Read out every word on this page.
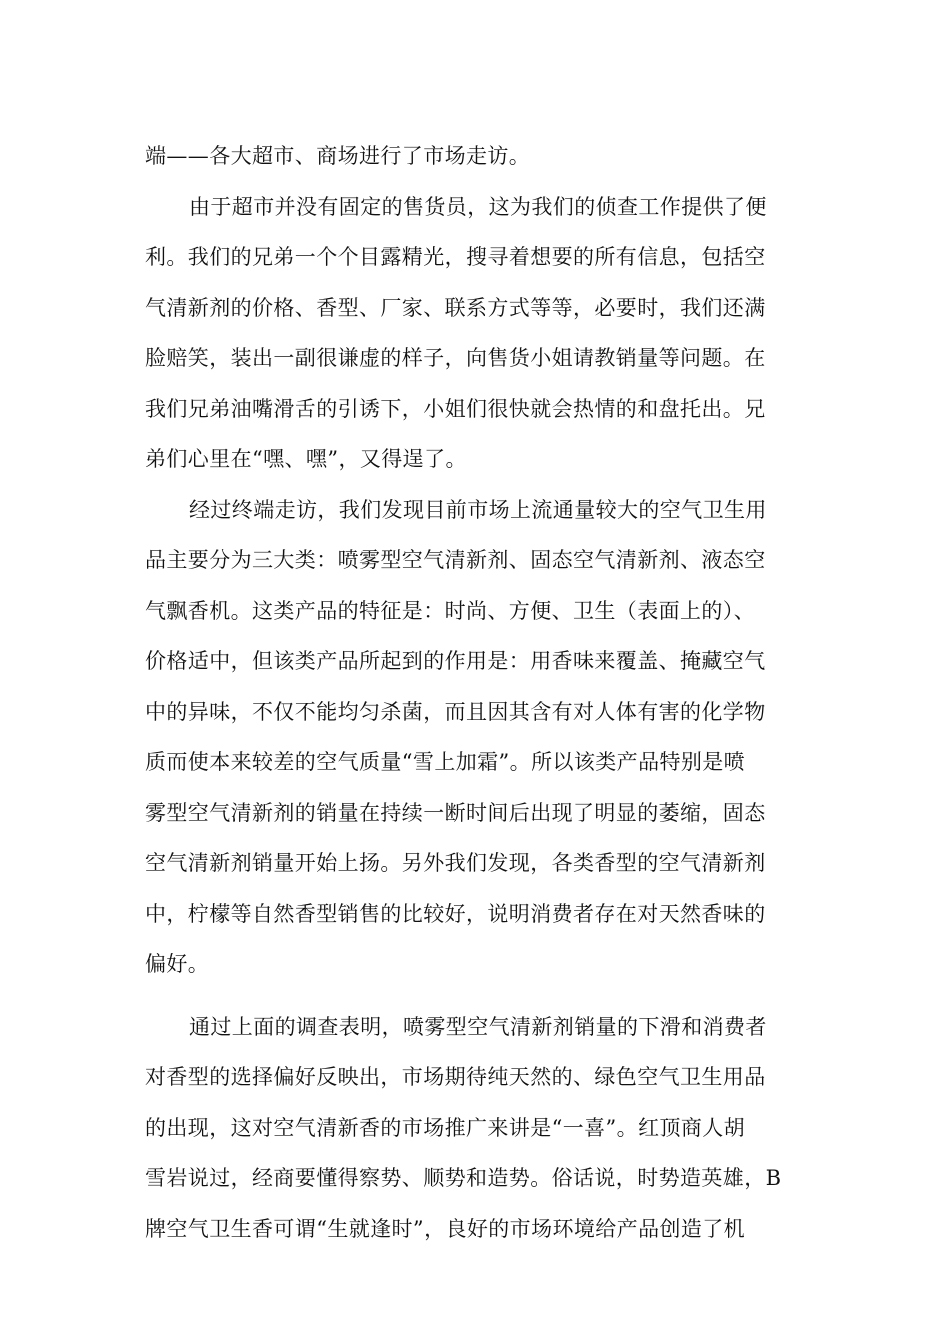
端——各大超市、商场进行了市场走访。
由于超市并没有固定的售货员，这为我们的侦查工作提供了便
利。我们的兄弟一个个目露精光，搜寻着想要的所有信息，包括空
气清新剂的价格、香型、厂家、联系方式等等，必要时，我们还满
脸赔笑，装出一副很谦虚的样子，向售货小姐请教销量等问题。在
我们兄弟油嘴滑舌的引诱下，小姐们很快就会热情的和盘托出。兄
弟们心里在“嘿、嘿”，又得逞了。
经过终端走访，我们发现目前市场上流通量较大的空气卫生用
品主要分为三大类：喷雾型空气清新剂、固态空气清新剂、液态空
气飘香机。这类产品的特征是：时尚、方便、卫生（表面上的）、
价格适中，但该类产品所起到的作用是：用香味来覆盖、掩藏空气
中的异味，不仅不能均匀杀菌，而且因其含有对人体有害的化学物
质而使本来较差的空气质量“雪上加霜”。所以该类产品特别是喷
雾型空气清新剂的销量在持续一断时间后出现了明显的萎缩，固态
空气清新剂销量开始上扬。另外我们发现，各类香型的空气清新剂
中，柠檬等自然香型销售的比较好，说明消费者存在对天然香味的
偏好。
通过上面的调查表明，喷雾型空气清新剂销量的下滑和消费者
对香型的选择偏好反映出，市场期待纯天然的、绿色空气卫生用品
的出现，这对空气清新香的市场推广来讲是“一喜”。红顶商人胡
雪岩说过，经商要懂得察势、顺势和造势。俗话说，时势造英雄，B
牌空气卫生香可谓“生就逢时”，良好的市场环境给产品创造了机
